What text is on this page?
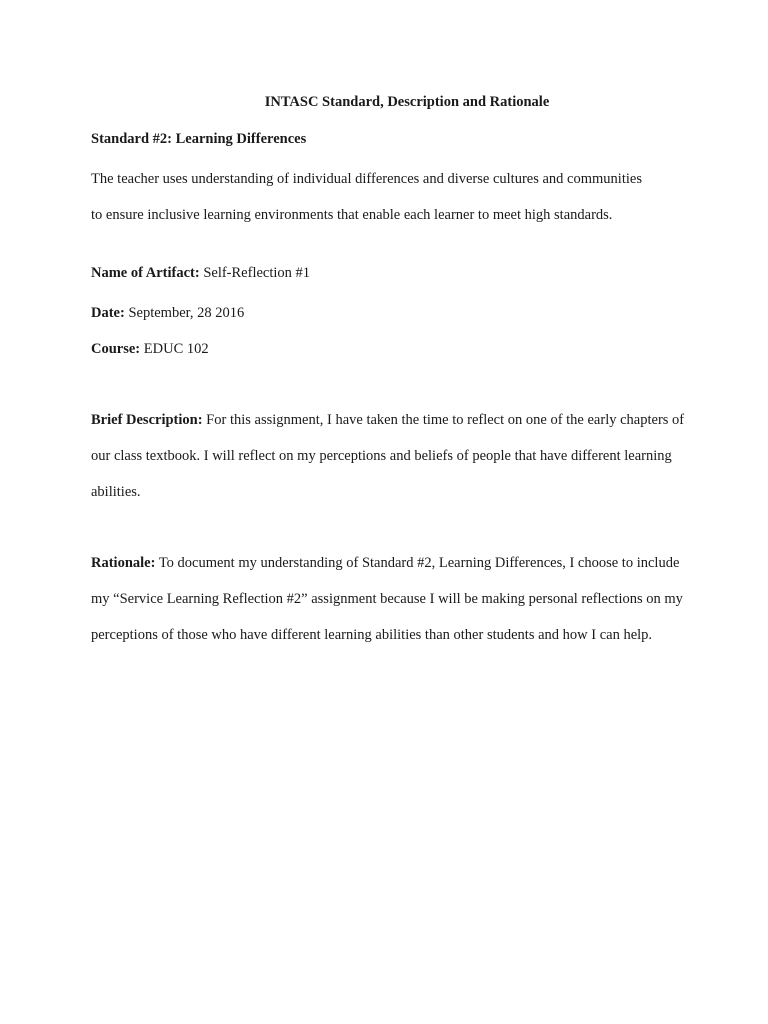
INTASC Standard, Description and Rationale
Standard #2: Learning Differences
The teacher uses understanding of individual differences and diverse cultures and communities
to ensure inclusive learning environments that enable each learner to meet high standards.
Name of Artifact: Self-Reflection #1
Date: September, 28 2016
Course: EDUC 102
Brief Description: For this assignment, I have taken the time to reflect on one of the early chapters of
our class textbook. I will reflect on my perceptions and beliefs of people that have different learning
abilities.
Rationale: To document my understanding of Standard #2, Learning Differences, I choose to include
my “Service Learning Reflection #2” assignment because I will be making personal reflections on my
perceptions of those who have different learning abilities than other students and how I can help.
